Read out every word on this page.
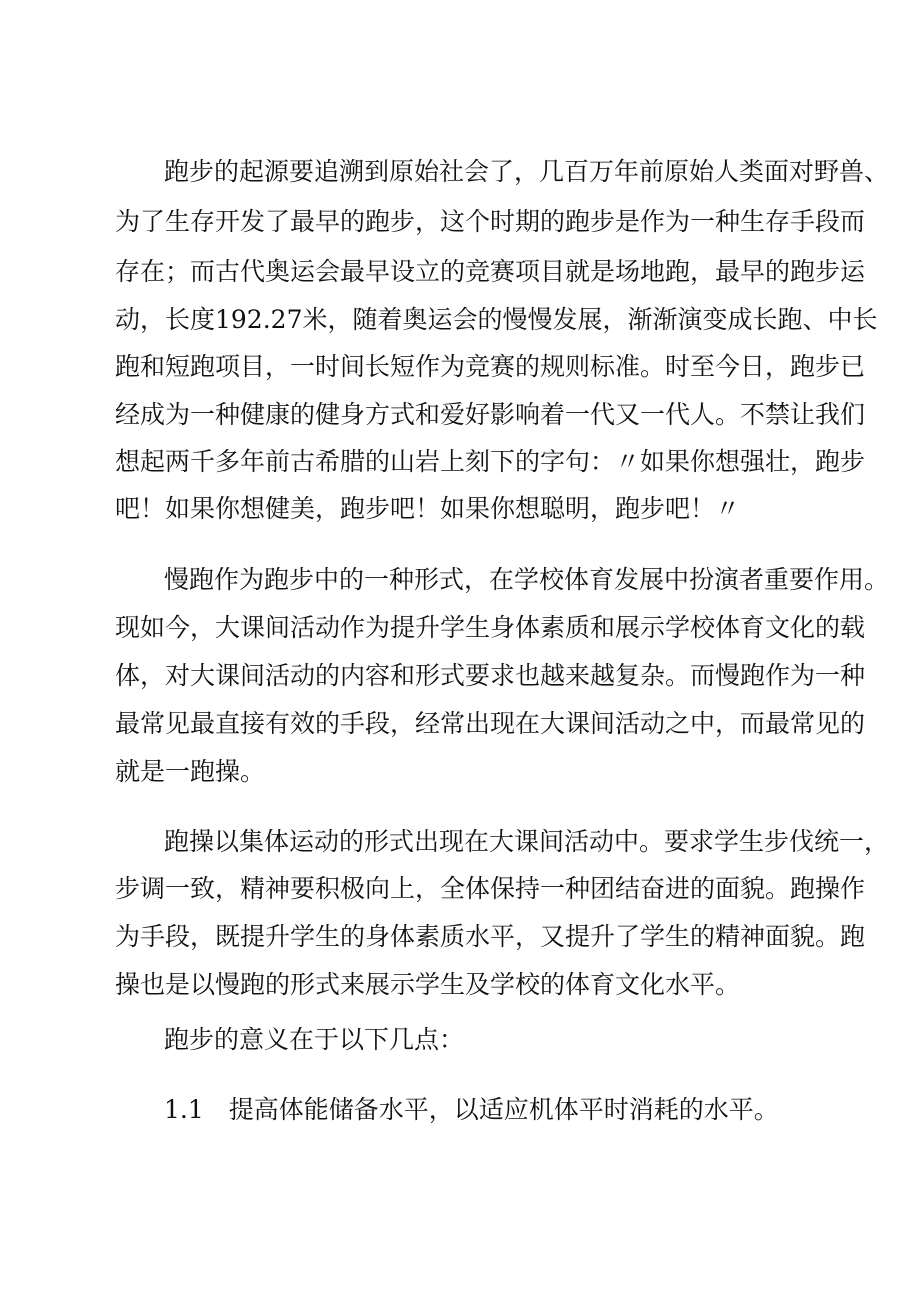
跑步的起源要追溯到原始社会了，几百万年前原始人类面对野兽、
为了生存开发了最早的跑步，这个时期的跑步是作为一种生存手段而
存在；而古代奥运会最早设立的竞赛项目就是场地跑，最早的跑步运
动，长度192.27米，随着奥运会的慢慢发展，渐渐演变成长跑、中长
跑和短跑项目，一时间长短作为竞赛的规则标准。时至今日，跑步已
经成为一种健康的健身方式和爱好影响着一代又一代人。不禁让我们
想起两千多年前古希腊的山岩上刻下的字句：〃如果你想强壮，跑步
吧！如果你想健美，跑步吧！如果你想聪明，跑步吧！〃
慢跑作为跑步中的一种形式，在学校体育发展中扮演者重要作用。
现如今，大课间活动作为提升学生身体素质和展示学校体育文化的载
体，对大课间活动的内容和形式要求也越来越复杂。而慢跑作为一种
最常见最直接有效的手段，经常出现在大课间活动之中，而最常见的
就是一跑操。
跑操以集体运动的形式出现在大课间活动中。要求学生步伐统一，
步调一致，精神要积极向上，全体保持一种团结奋进的面貌。跑操作
为手段，既提升学生的身体素质水平，又提升了学生的精神面貌。跑
操也是以慢跑的形式来展示学生及学校的体育文化水平。
跑步的意义在于以下几点：
1.1　提高体能储备水平，以适应机体平时消耗的水平。
